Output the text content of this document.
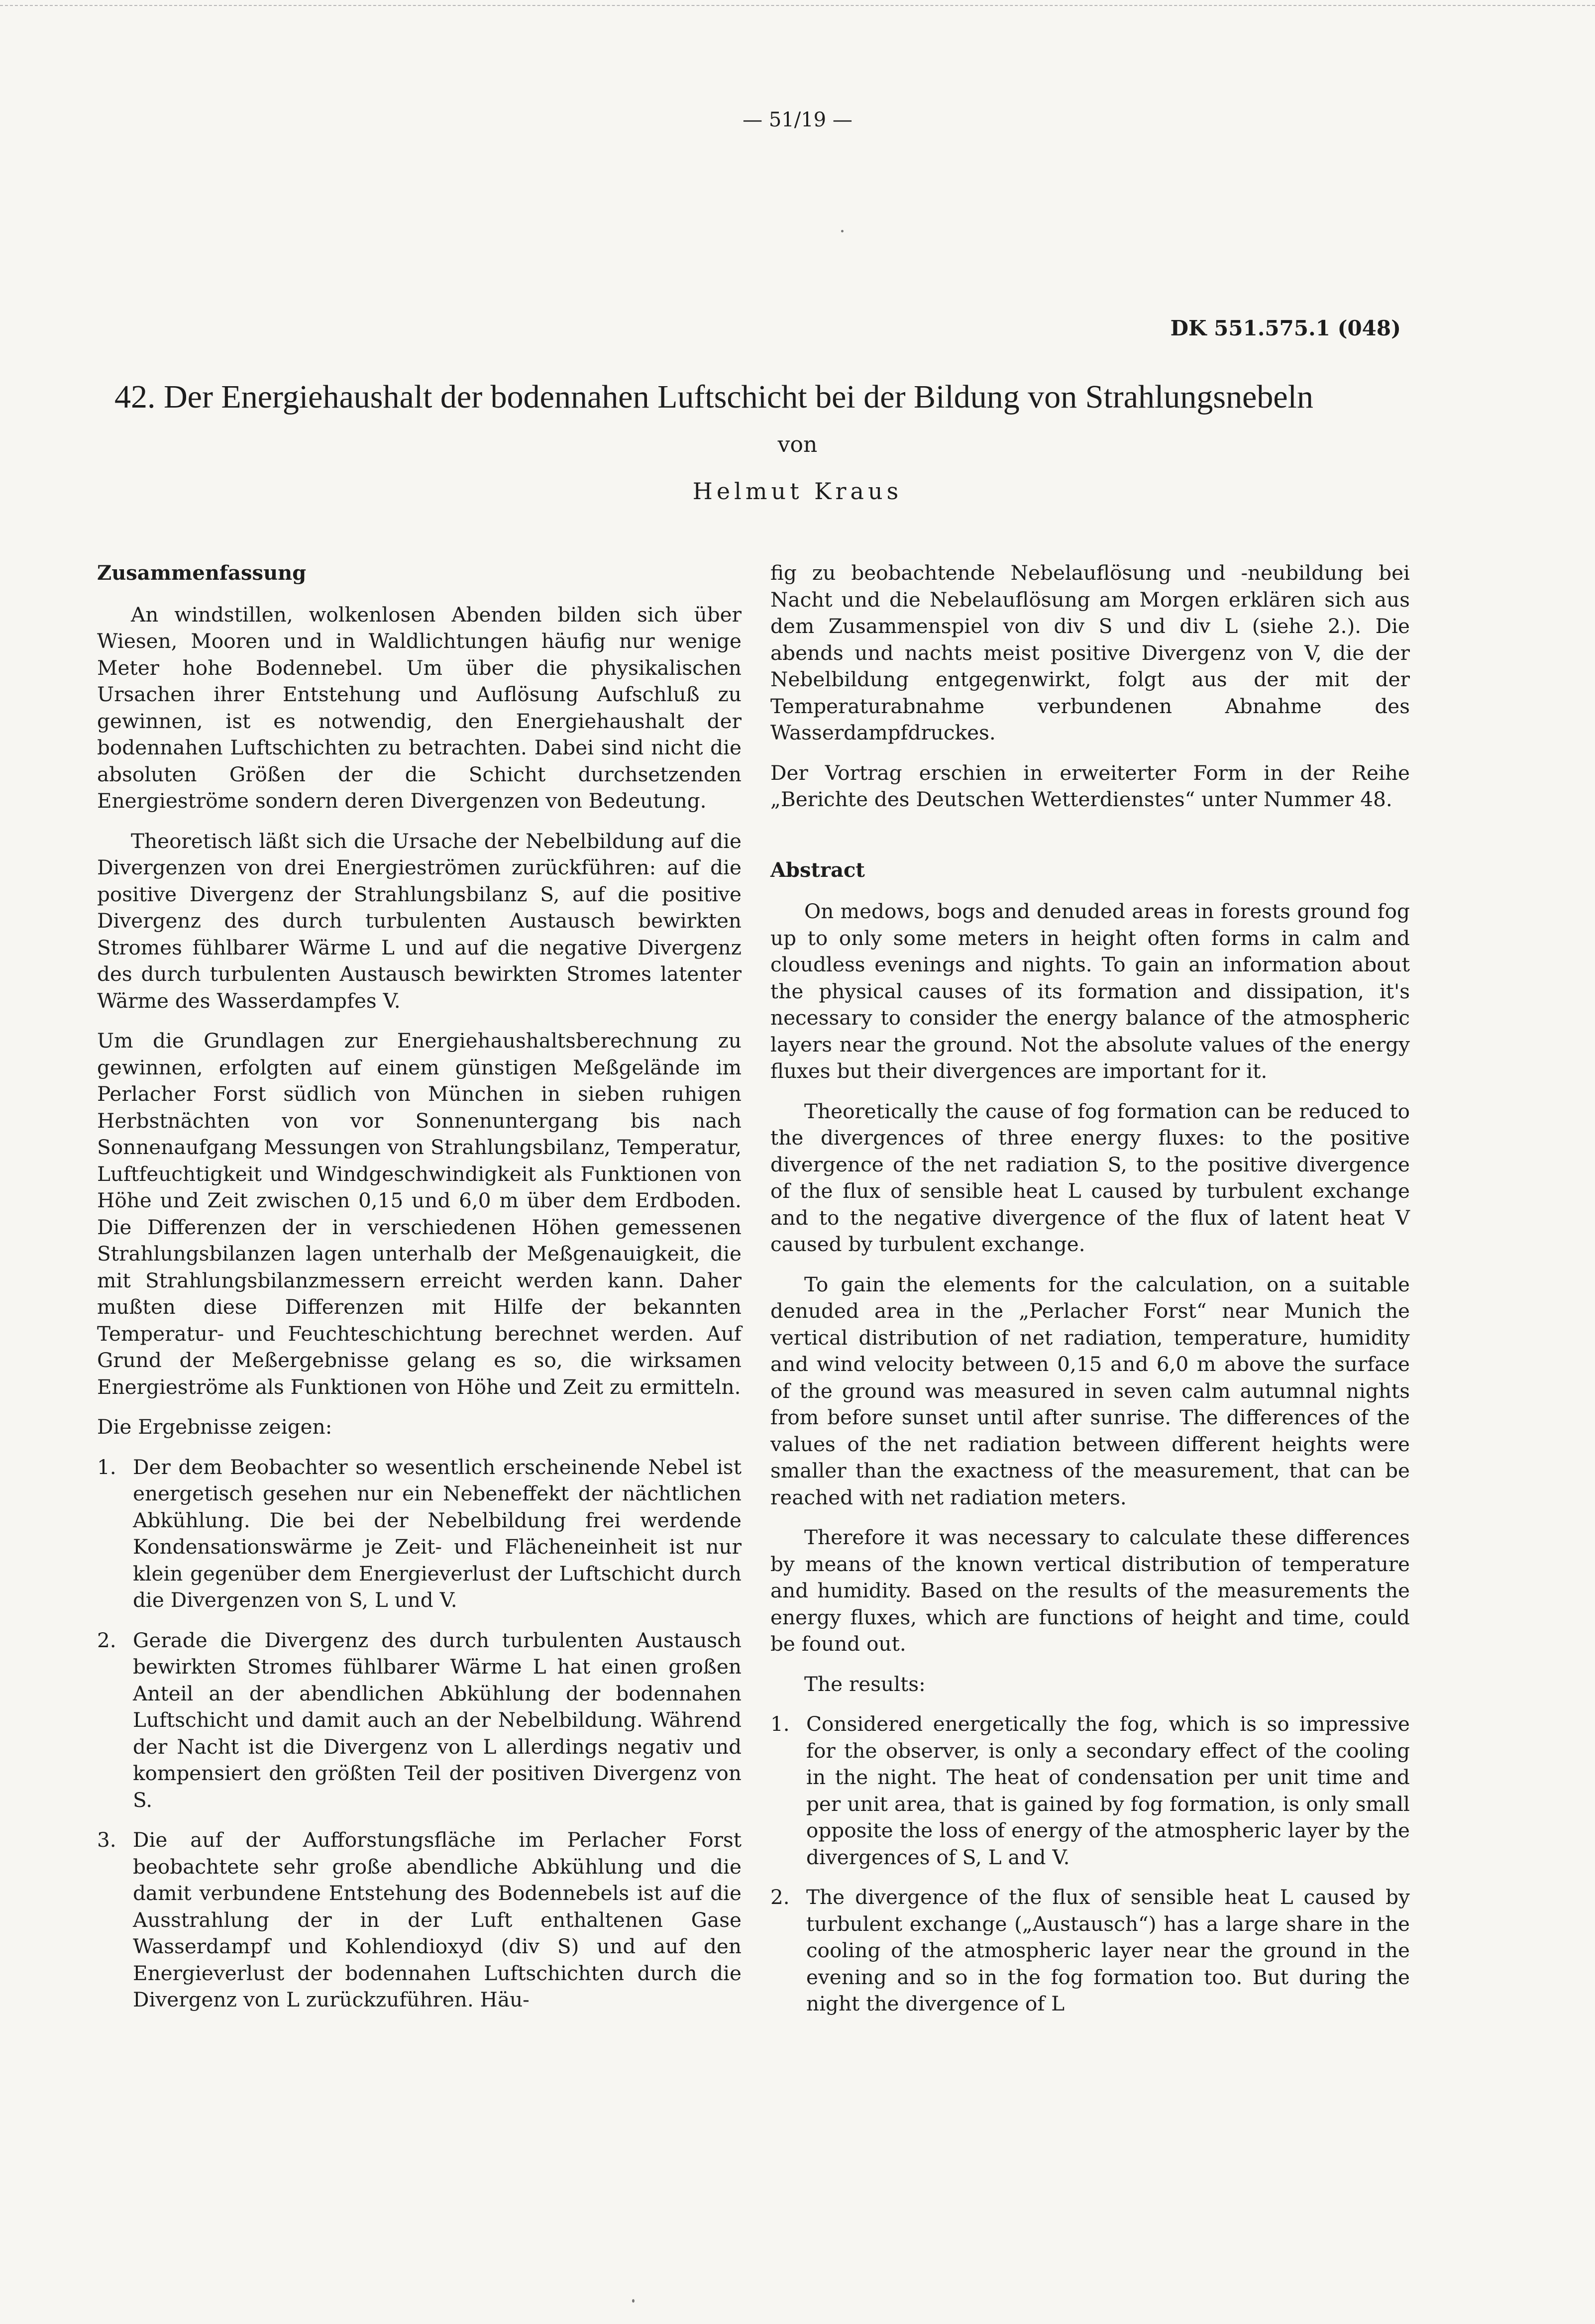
— 51/19 —
DK 551.575.1 (048)
42. Der Energiehaushalt der bodennahen Luftschicht bei der Bildung von Strahlungsnebeln
von
Helmut Kraus
Zusammenfassung

An windstillen, wolkenlosen Abenden bilden sich über Wiesen, Mooren und in Waldlichtungen häufig nur wenige Meter hohe Bodennebel. Um über die physikalischen Ursachen ihrer Entstehung und Auflösung Aufschluß zu gewinnen, ist es notwendig, den Energiehaushalt der bodennahen Luftschichten zu betrachten. Dabei sind nicht die absoluten Größen der die Schicht durchsetzenden Energieströme sondern deren Divergenzen von Bedeutung.

Theoretisch läßt sich die Ursache der Nebelbildung auf die Divergenzen von drei Energieströmen zurückführen: auf die positive Divergenz der Strahlungsbilanz S, auf die positive Divergenz des durch turbulenten Austausch bewirkten Stromes fühlbarer Wärme L und auf die negative Divergenz des durch turbulenten Austausch bewirkten Stromes latenter Wärme des Wasserdampfes V.

Um die Grundlagen zur Energiehaushaltsberechnung zu gewinnen, erfolgten auf einem günstigen Meßgelände im Perlacher Forst südlich von München in sieben ruhigen Herbstnächten von vor Sonnenuntergang bis nach Sonnenaufgang Messungen von Strahlungsbilanz, Temperatur, Luftfeuchtigkeit und Windgeschwindigkeit als Funktionen von Höhe und Zeit zwischen 0,15 und 6,0 m über dem Erdboden. Die Differenzen der in verschiedenen Höhen gemessenen Strahlungsbilanzen lagen unterhalb der Meßgenauigkeit, die mit Strahlungsbilanzmessern erreicht werden kann. Daher mußten diese Differenzen mit Hilfe der bekannten Temperatur- und Feuchteschichtung berechnet werden. Auf Grund der Meßergebnisse gelang es so, die wirksamen Energieströme als Funktionen von Höhe und Zeit zu ermitteln.

Die Ergebnisse zeigen:

1. Der dem Beobachter so wesentlich erscheinende Nebel ist energetisch gesehen nur ein Nebeneffekt der nächtlichen Abkühlung. Die bei der Nebelbildung frei werdende Kondensationswärme je Zeit- und Flächeneinheit ist nur klein gegenüber dem Energieverlust der Luftschicht durch die Divergenzen von S, L und V.
2. Gerade die Divergenz des durch turbulenten Austausch bewirkten Stromes fühlbarer Wärme L hat einen großen Anteil an der abendlichen Abkühlung der bodennahen Luftschicht und damit auch an der Nebelbildung. Während der Nacht ist die Divergenz von L allerdings negativ und kompensiert den größten Teil der positiven Divergenz von S.
3. Die auf der Aufforstungsfläche im Perlacher Forst beobachtete sehr große abendliche Abkühlung und die damit verbundene Entstehung des Bodennebels ist auf die Ausstrahlung der in der Luft enthaltenen Gase Wasserdampf und Kohlendioxyd (div S) und auf den Energieverlust der bodennahen Luftschichten durch die Divergenz von L zurückzuführen. Häu-

fig zu beobachtende Nebelauflösung und -neubildung bei Nacht und die Nebelauflösung am Morgen erklären sich aus dem Zusammenspiel von div S und div L (siehe 2.). Die abends und nachts meist positive Divergenz von V, die der Nebelbildung entgegenwirkt, folgt aus der mit der Temperaturabnahme verbundenen Abnahme des Wasserdampfdruckes.

Der Vortrag erschien in erweiterter Form in der Reihe „Berichte des Deutschen Wetterdienstes“ unter Nummer 48.

Abstract

On medows, bogs and denuded areas in forests ground fog up to only some meters in height often forms in calm and cloudless evenings and nights. To gain an information about the physical causes of its formation and dissipation, it's necessary to consider the energy balance of the atmospheric layers near the ground. Not the absolute values of the energy fluxes but their divergences are important for it.

Theoretically the cause of fog formation can be reduced to the divergences of three energy fluxes: to the positive divergence of the net radiation S, to the positive divergence of the flux of sensible heat L caused by turbulent exchange and to the negative divergence of the flux of latent heat V caused by turbulent exchange.

To gain the elements for the calculation, on a suitable denuded area in the „Perlacher Forst“ near Munich the vertical distribution of net radiation, temperature, humidity and wind velocity between 0,15 and 6,0 m above the surface of the ground was measured in seven calm autumnal nights from before sunset until after sunrise. The differences of the values of the net radiation between different heights were smaller than the exactness of the measurement, that can be reached with net radiation meters.

Therefore it was necessary to calculate these differences by means of the known vertical distribution of temperature and humidity. Based on the results of the measurements the energy fluxes, which are functions of height and time, could be found out.

The results:

1. Considered energetically the fog, which is so impressive for the observer, is only a secondary effect of the cooling in the night. The heat of condensation per unit time and per unit area, that is gained by fog formation, is only small opposite the loss of energy of the atmospheric layer by the divergences of S, L and V.
2. The divergence of the flux of sensible heat L caused by turbulent exchange („Austausch“) has a large share in the cooling of the atmospheric layer near the ground in the evening and so in the fog formation too. But during the night the divergence of L
